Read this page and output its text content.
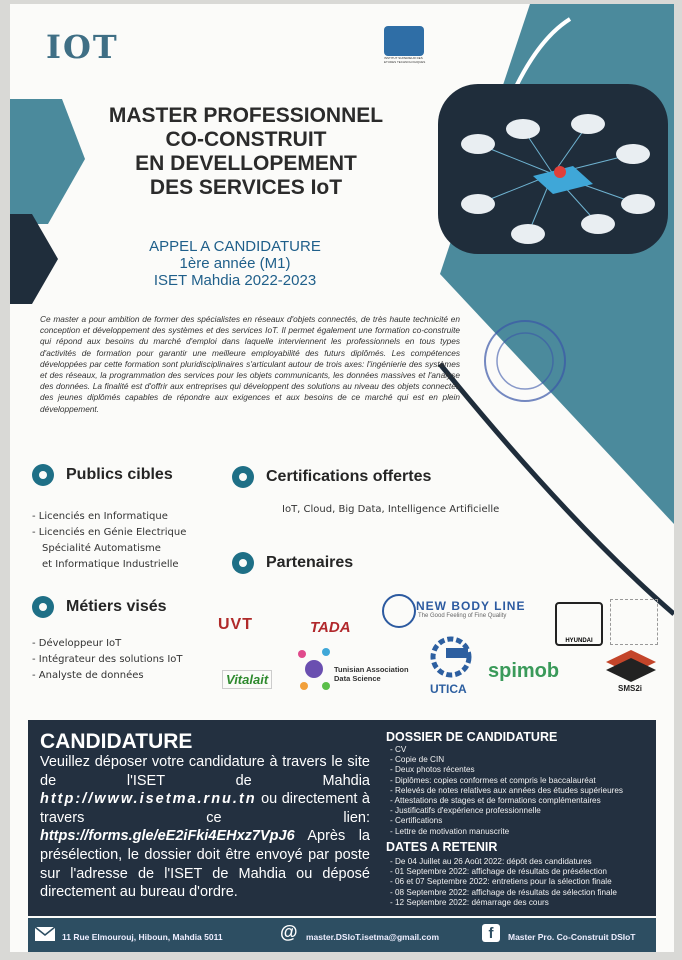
IOT	INSTITUT SUPERIEUR DES ETUDES TECHNOLOGIQUES
MASTER PROFESSIONNEL
CO-CONSTRUIT
EN DEVELLOPEMENT
DES SERVICES IoT
APPEL A CANDIDATURE
1ère année (M1)
ISET Mahdia 2022-2023
Ce master a pour ambition de former des spécialistes en réseaux d'objets connectés, de très haute technicité en conception et développement des systèmes et des services IoT. Il permet également une formation co-construite qui répond aux besoins du marché d'emploi dans laquelle interviennent les professionnels en tous types d'activités de formation pour garantir une meilleure employabilité des futurs diplômés. Les compétences développées par cette formation sont pluridisciplinaires s'articulant autour de trois axes: l'ingénierie des systèmes et des réseaux, la programmation des services pour les objets communicants, les données massives et l'analyse des données. La finalité est d'offrir aux entreprises qui développent des solutions au niveau des objets connectés des jeunes diplômés capables de répondre aux exigences et aux besoins de ce marché qui est en plein développement.
Publics cibles
- Licenciés en Informatique
- Licenciés en Génie Electrique
Spécialité Automatisme
et Informatique Industrielle
Métiers visés
- Développeur IoT
- Intégrateur des solutions IoT
- Analyste de données
Certifications offertes
IoT, Cloud, Big Data, Intelligence Artificielle
Partenaires
UVT	TADA
NEW BODY LINE
The Good Feeling of Fine Quality
HYUNDAI
Vitalait
Tunisian Association
Data Science
UTICA
spimob
SMS2i
CANDIDATURE
Veuillez déposer votre candidature à travers le site de l'ISET de Mahdia http://www.isetma.rnu.tn ou directement à travers ce lien: https://forms.gle/eE2iFki4EHxz7VpJ6 Après la présélection, le dossier doit être envoyé par poste sur l'adresse de l'ISET de Mahdia ou déposé directement au bureau d'ordre.
DOSSIER DE CANDIDATURE
- CV
- Copie de CIN
- Deux photos récentes
- Diplômes: copies conformes et compris le baccalauréat
- Relevés de notes relatives aux années des études supérieures
- Attestations de stages et de formations complémentaires
- Justificatifs d'expérience professionnelle
- Certifications
- Lettre de motivation manuscrite
DATES A RETENIR
- De 04 Juillet au 26 Août 2022: dépôt des candidatures
- 01 Septembre 2022: affichage de résultats de présélection
- 06 et 07 Septembre 2022: entretiens pour la sélection finale
- 08 Septembre 2022: affichage de résultats de sélection finale
- 12 Septembre 2022: démarrage des cours
11 Rue Elmourouj, Hiboun, Mahdia 5011	@ master.DSIoT.isetma@gmail.com	f	Master Pro. Co-Construit DSIoT
